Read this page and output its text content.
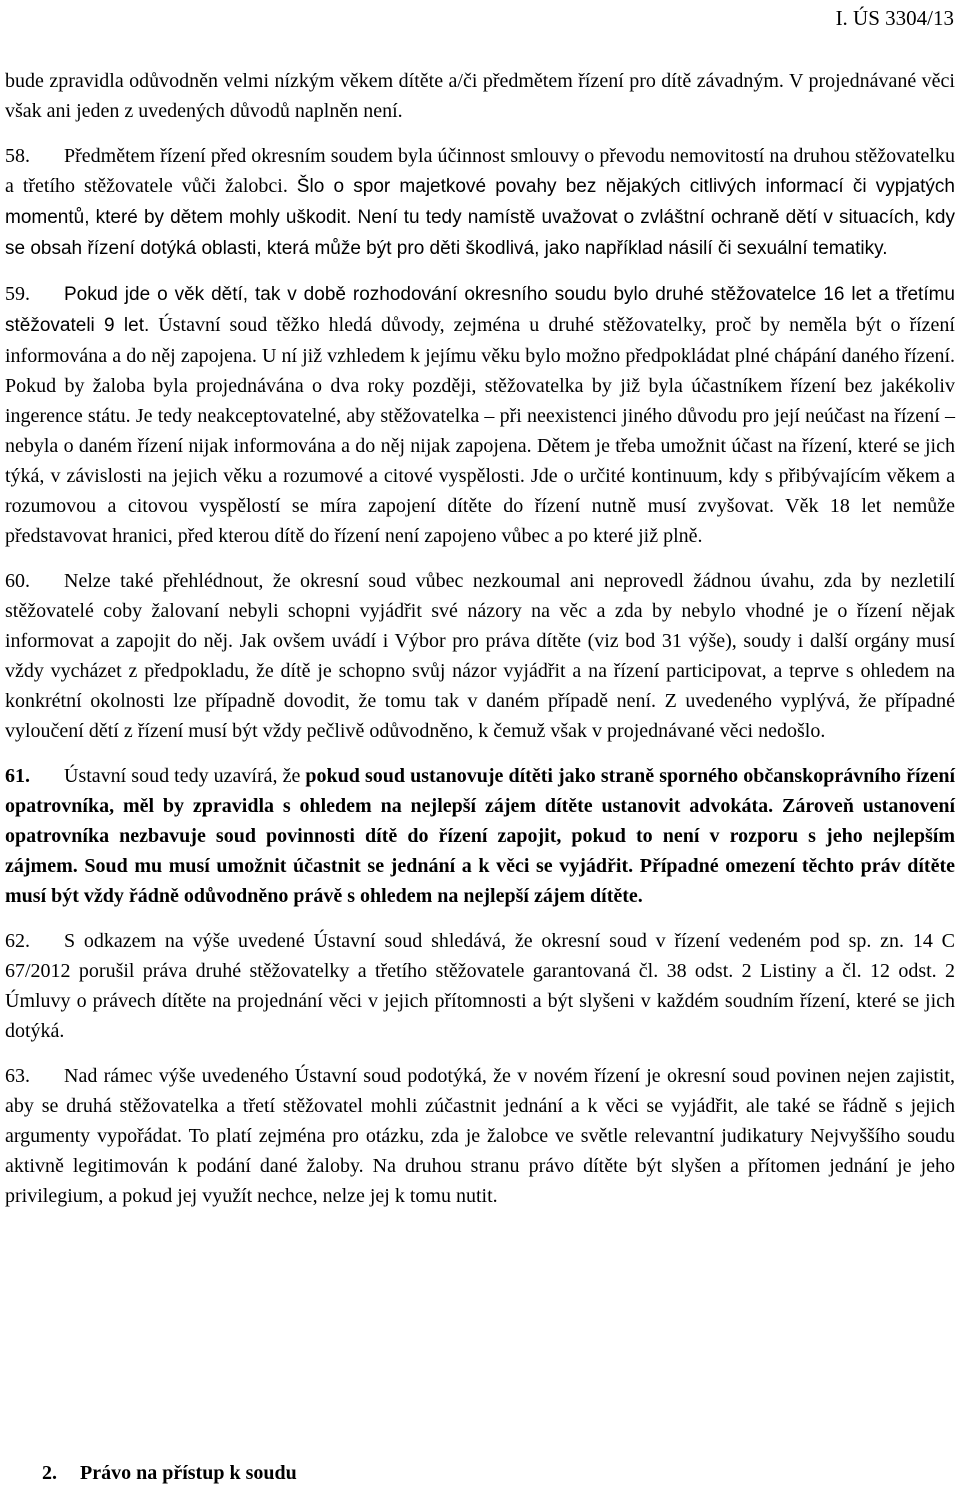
I. ÚS 3304/13

bude zpravidla odůvodněn velmi nízkým věkem dítěte a/či předmětem řízení pro dítě závadným. V projednávané věci však ani jeden z uvedených důvodů naplněn není.

58. Předmětem řízení před okresním soudem byla účinnost smlouvy o převodu nemovitostí na druhou stěžovatelku a třetího stěžovatele vůči žalobci. Šlo o spor majetkové povahy bez nějakých citlivých informací či vypjatých momentů, které by dětem mohly uškodit. Není tu tedy namístě uvažovat o zvláštní ochraně dětí v situacích, kdy se obsah řízení dotýká oblasti, která může být pro děti škodlivá, jako například násilí či sexuální tematiky.

59. Pokud jde o věk dětí, tak v době rozhodování okresního soudu bylo druhé stěžovatelce 16 let a třetímu stěžovateli 9 let. Ústavní soud těžko hledá důvody, zejména u druhé stěžovatelky, proč by neměla být o řízení informována a do něj zapojena. U ní již vzhledem k jejímu věku bylo možno předpokládat plné chápání daného řízení. Pokud by žaloba byla projednávána o dva roky později, stěžovatelka by již byla účastníkem řízení bez jakékoliv ingerence státu. Je tedy neakceptovatelné, aby stěžovatelka – při neexistenci jiného důvodu pro její neúčast na řízení – nebyla o daném řízení nijak informována a do něj nijak zapojena. Dětem je třeba umožnit účast na řízení, které se jich týká, v závislosti na jejich věku a rozumové a citové vyspělosti. Jde o určité kontinuum, kdy s přibývajícím věkem a rozumovou a citovou vyspělostí se míra zapojení dítěte do řízení nutně musí zvyšovat. Věk 18 let nemůže představovat hranici, před kterou dítě do řízení není zapojeno vůbec a po které již plně.

60. Nelze také přehlédnout, že okresní soud vůbec nezkoumal ani neprovedl žádnou úvahu, zda by nezletilí stěžovatelé coby žalovaní nebyli schopni vyjádřit své názory na věc a zda by nebylo vhodné je o řízení nějak informovat a zapojit do něj. Jak ovšem uvádí i Výbor pro práva dítěte (viz bod 31 výše), soudy i další orgány musí vždy vycházet z předpokladu, že dítě je schopno svůj názor vyjádřit a na řízení participovat, a teprve s ohledem na konkrétní okolnosti lze případně dovodit, že tomu tak v daném případě není. Z uvedeného vyplývá, že případné vyloučení dětí z řízení musí být vždy pečlivě odůvodněno, k čemuž však v projednávané věci nedošlo.

61. Ústavní soud tedy uzavírá, že pokud soud ustanovuje dítěti jako straně sporného občanskoprávního řízení opatrovníka, měl by zpravidla s ohledem na nejlepší zájem dítěte ustanovit advokáta. Zároveň ustanovení opatrovníka nezbavuje soud povinnosti dítě do řízení zapojit, pokud to není v rozporu s jeho nejlepším zájmem. Soud mu musí umožnit účastnit se jednání a k věci se vyjádřit. Případné omezení těchto práv dítěte musí být vždy řádně odůvodněno právě s ohledem na nejlepší zájem dítěte.

62. S odkazem na výše uvedené Ústavní soud shledává, že okresní soud v řízení vedeném pod sp. zn. 14 C 67/2012 porušil práva druhé stěžovatelky a třetího stěžovatele garantovaná čl. 38 odst. 2 Listiny a čl. 12 odst. 2 Úmluvy o právech dítěte na projednání věci v jejich přítomnosti a být slyšeni v každém soudním řízení, které se jich dotýká.

63. Nad rámec výše uvedeného Ústavní soud podotýká, že v novém řízení je okresní soud povinen nejen zajistit, aby se druhá stěžovatelka a třetí stěžovatel mohli zúčastnit jednání a k věci se vyjádřit, ale také se řádně s jejich argumenty vypořádat. To platí zejména pro otázku, zda je žalobce ve světle relevantní judikatury Nejvyššího soudu aktivně legitimován k podání dané žaloby. Na druhou stranu právo dítěte být slyšen a přítomen jednání je jeho privilegium, a pokud jej využít nechce, nelze jej k tomu nutit.

2. Právo na přístup k soudu
